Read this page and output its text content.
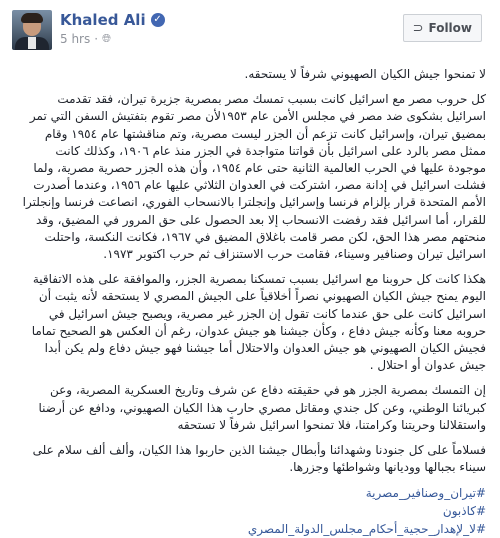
Khaled Ali ✓
5 hrs · 🌐︎
⊃ Follow

لا تمنحوا جيش الكيان الصهيوني شرفاً لا يستحقه.

كل حروب مصر مع اسرائيل كانت بسبب تمسك مصر بمصرية جزيرة تيران، فقد تقدمت اسرائيل بشكوى ضد مصر في مجلس الأمن عام ١٩٥٣لأن مصر تقوم بتفتيش السفن التي تمر بمضيق تيران، وإسرائيل كانت تزعم أن الجزر ليست مصرية، وتم مناقشتها عام ١٩٥٤ وقام ممثل مصر بالرد على اسرائيل بأن قواتنا متواجدة في الجزر منذ عام ١٩٠٦، وكذلك كانت موجودة عليها في الحرب العالمية الثانية حتى عام ١٩٥٤، وأن هذه الجزر حصرية مصرية، ولما فشلت اسرائيل في إدانة مصر، اشتركت في العدوان الثلاثي عليها عام ١٩٥٦، وعندما أصدرت الأمم المتحدة قرار بإلزام فرنسا وإسرائيل وإنجلترا بالانسحاب الفوري، انصاعت فرنسا وإنجلترا للقرار، أما اسرائيل فقد رفضت الانسحاب إلا بعد الحصول على حق المرور في المضيق، وقد منحتهم مصر هذا الحق، لكن مصر قامت باغلاق المضيق في ١٩٦٧، فكانت النكسة، واحتلت اسرائيل تيران وصنافير وسيناء، فقامت حرب الاستنزاف ثم حرب اكتوبر ١٩٧٣.

هكذا كانت كل حروبنا مع اسرائيل بسبب تمسكنا بمصرية الجزر، والموافقة على هذه الاتفاقية اليوم يمنح جيش الكيان الصهيوني نصراً أخلاقياً على الجيش المصري لا يستحقه لأنه يثبت أن اسرائيل كانت على حق عندما كانت تقول إن الجزر غير مصرية، ويصبح جيش اسرائيل في حروبه معنا وكأنه جيش دفاع ، وكأن جيشنا هو جيش عدوان، رغم أن العكس هو الصحيح تماما فجيش الكيان الصهيوني هو جيش العدوان والاحتلال أما جيشنا فهو جيش دفاع ولم يكن أبدا جيش عدوان أو احتلال .

إن التمسك بمصرية الجزر هو في حقيقته دفاع عن شرف وتاريخ العسكرية المصرية، وعن كبريائنا الوطني، وعن كل جندي ومقاتل مصري حارب هذا الكيان الصهيوني، ودافع عن أرضنا واستقلالنا وحريتنا وكرامتنا، فلا تمنحوا اسرائيل شرفاً لا تستحقه

فسلاماً على كل جنودنا وشهدائنا وأبطال جيشنا الذين حاربوا هذا الكيان، وألف ألف سلام على سيناء بجبالها ووديانها وشواطئها وجزرها.

#تيران_وصنافير_مصرية
#كاذبون
#لا_لإهدار_حجية_أحكام_مجلس_الدولة_المصري
